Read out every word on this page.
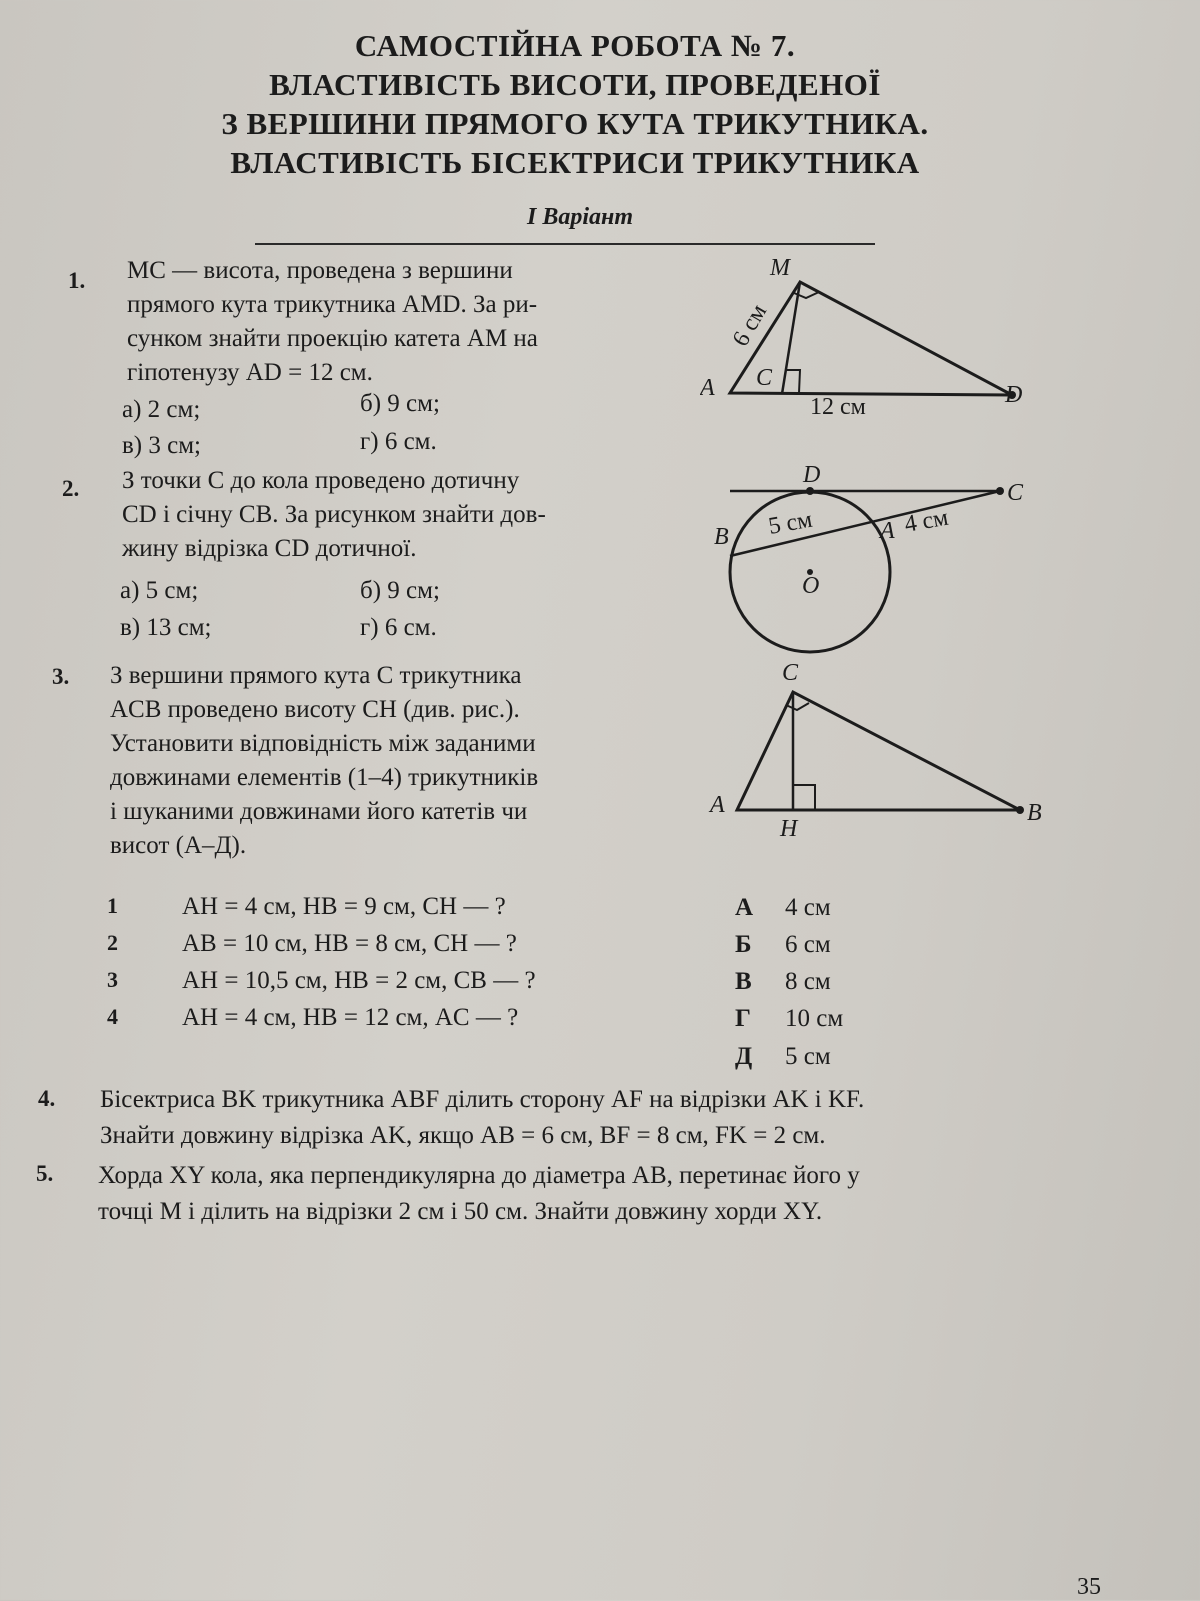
САМОСТІЙНА РОБОТА № 7.
ВЛАСТИВІСТЬ ВИСОТИ, ПРОВЕДЕНОЇ
З ВЕРШИНИ ПРЯМОГО КУТА ТРИКУТНИКА.
ВЛАСТИВІСТЬ БІСЕКТРИСИ ТРИКУТНИКА
I Варіант
1. МС — висота, проведена з вершини
прямого кута трикутника AMD. За ри-
сунком знайти проекцію катета AM на
гіпотенузу AD = 12 см.
а) 2 см;	б) 9 см;
в) 3 см;	г) 6 см.
M
A C
D
6 см
12 см
2. З точки C до кола проведено дотичну
CD і січну CB. За рисунком знайти дов-
жину відрізка CD дотичної.
а) 5 см;	б) 9 см;
в) 13 см;	г) 6 см.
D
C
B	A
O
5 см	4 см
3. З вершини прямого кута C трикутника
ACB проведено висоту CH (див. рис.).
Установити відповідність між заданими
довжинами елементів (1–4) трикутників
і шуканими довжинами його катетів чи
висот (А–Д).
C
A	B
H
1	AH = 4 см, HB = 9 см, CH — ?
2	AB = 10 см, HB = 8 см, CH — ?
3	AH = 10,5 см, HB = 2 см, CB — ?
4	AH = 4 см, HB = 12 см, AC — ?
А 4 см
Б 6 см
В 8 см
Г 10 см
Д 5 см
4. Бісектриса BK трикутника ABF ділить сторону AF на відрізки AK і KF.
Знайти довжину відрізка AK, якщо AB = 6 см, BF = 8 см, FK = 2 см.
5. Хорда XY кола, яка перпендикулярна до діаметра AB, перетинає його у
точці M і ділить на відрізки 2 см і 50 см. Знайти довжину хорди XY.
35
